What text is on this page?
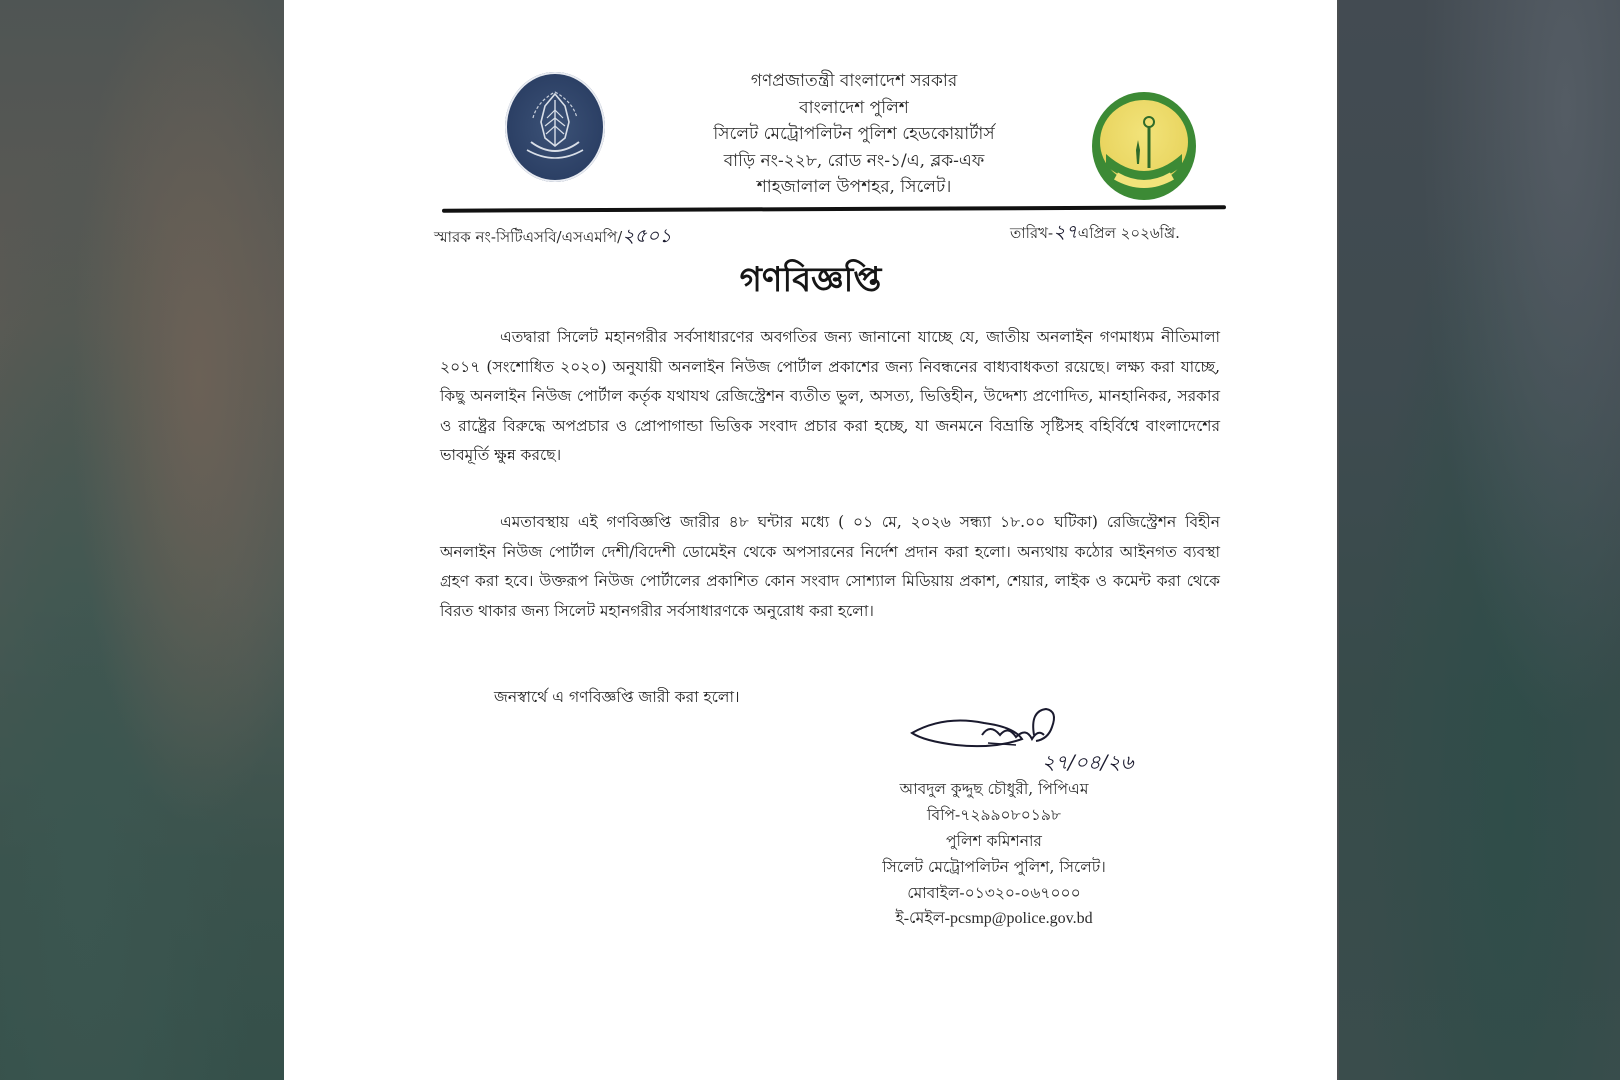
গণপ্রজাতন্ত্রী বাংলাদেশ সরকার
বাংলাদেশ পুলিশ
সিলেট মেট্রোপলিটন পুলিশ হেডকোয়ার্টার্স
বাড়ি নং-২২৮, রোড নং-১/এ, ব্লক-এফ
শাহজালাল উপশহর, সিলেট।
স্মারক নং-সিটিএসবি/এসএমপি/২৫০১	তারিখ-২৭এপ্রিল ২০২৬খ্রি.
গণবিজ্ঞপ্তি
এতদ্বারা সিলেট মহানগরীর সর্বসাধারণের অবগতির জন্য জানানো যাচ্ছে যে, জাতীয় অনলাইন গণমাধ্যম নীতিমালা ২০১৭ (সংশোধিত ২০২০) অনুযায়ী অনলাইন নিউজ পোর্টাল প্রকাশের জন্য নিবন্ধনের বাধ্যবাধকতা রয়েছে। লক্ষ্য করা যাচ্ছে, কিছু অনলাইন নিউজ পোর্টাল কর্তৃক যথাযথ রেজিস্ট্রেশন ব্যতীত ভুল, অসত্য, ভিত্তিহীন, উদ্দেশ্য প্রণোদিত, মানহানিকর, সরকার ও রাষ্ট্রের বিরুদ্ধে অপপ্রচার ও প্রোপাগান্ডা ভিত্তিক সংবাদ প্রচার করা হচ্ছে, যা জনমনে বিভ্রান্তি সৃষ্টিসহ বহির্বিশ্বে বাংলাদেশের ভাবমূর্তি ক্ষুন্ন করছে।
এমতাবস্থায় এই গণবিজ্ঞপ্তি জারীর ৪৮ ঘন্টার মধ্যে ( ০১ মে, ২০২৬ সন্ধ্যা ১৮.০০ ঘটিকা) রেজিস্ট্রেশন বিহীন অনলাইন নিউজ পোর্টাল দেশী/বিদেশী ডোমেইন থেকে অপসারনের নির্দেশ প্রদান করা হলো। অন্যথায় কঠোর আইনগত ব্যবস্থা গ্রহণ করা হবে। উক্তরূপ নিউজ পোর্টালের প্রকাশিত কোন সংবাদ সোশ্যাল মিডিয়ায় প্রকাশ, শেয়ার, লাইক ও কমেন্ট করা থেকে বিরত থাকার জন্য সিলেট মহানগরীর সর্বসাধারণকে অনুরোধ করা হলো।
জনস্বার্থে এ গণবিজ্ঞপ্তি জারী করা হলো।
২৭/০৪/২৬
আবদুল কুদ্দুছ চৌধুরী, পিপিএম
বিপি-৭২৯৯০৮০১৯৮
পুলিশ কমিশনার
সিলেট মেট্রোপলিটন পুলিশ, সিলেট।
মোবাইল-০১৩২০-০৬৭০০০
ই-মেইল-pcsmp@police.gov.bd
